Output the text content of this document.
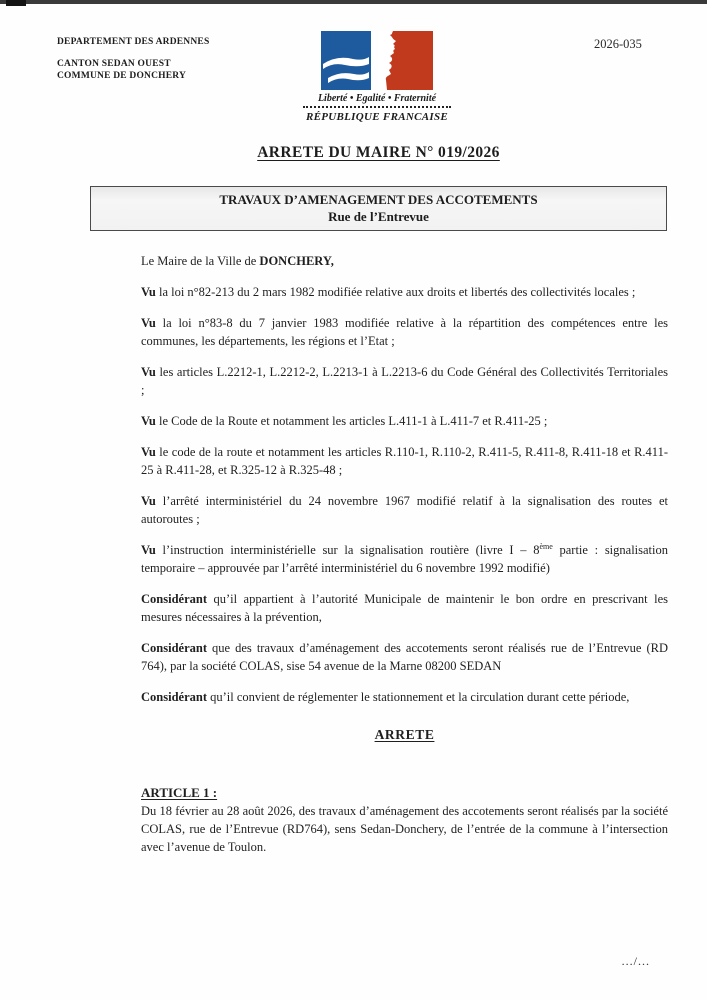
DEPARTEMENT DES ARDENNES
CANTON SEDAN OUEST
COMMUNE DE DONCHERY
Liberté • Egalité • Fraternité
RÉPUBLIQUE FRANCAISE
2026-035
ARRETE DU MAIRE N° 019/2026
TRAVAUX D’AMENAGEMENT DES ACCOTEMENTS
Rue de l’Entrevue
Le Maire de la Ville de DONCHERY,
Vu la loi n°82-213 du 2 mars 1982 modifiée relative aux droits et libertés des collectivités locales ;
Vu la loi n°83-8 du 7 janvier 1983 modifiée relative à la répartition des compétences entre les communes, les départements, les régions et l’Etat ;
Vu les articles L.2212-1, L.2212-2, L.2213-1 à L.2213-6 du Code Général des Collectivités Territoriales ;
Vu le Code de la Route et notamment les articles L.411-1 à L.411-7 et R.411-25 ;
Vu le code de la route et notamment les articles R.110-1, R.110-2, R.411-5, R.411-8, R.411-18 et R.411-25 à R.411-28, et R.325-12 à R.325-48 ;
Vu l’arrêté interministériel du 24 novembre 1967 modifié relatif à la signalisation des routes et autoroutes ;
Vu l’instruction interministérielle sur la signalisation routière (livre I – 8ème partie : signalisation temporaire – approuvée par l’arrêté interministériel du 6 novembre 1992 modifié)
Considérant qu’il appartient à l’autorité Municipale de maintenir le bon ordre en prescrivant les mesures nécessaires à la prévention,
Considérant que des travaux d’aménagement des accotements seront réalisés rue de l’Entrevue (RD 764), par la société COLAS, sise 54 avenue de la Marne 08200 SEDAN
Considérant qu’il convient de réglementer le stationnement et la circulation durant cette période,
ARRETE
ARTICLE 1 :
Du 18 février au 28 août 2026, des travaux d’aménagement des accotements seront réalisés par la société COLAS, rue de l’Entrevue (RD764), sens Sedan-Donchery, de l’entrée de la commune à l’intersection avec l’avenue de Toulon.
.../...
